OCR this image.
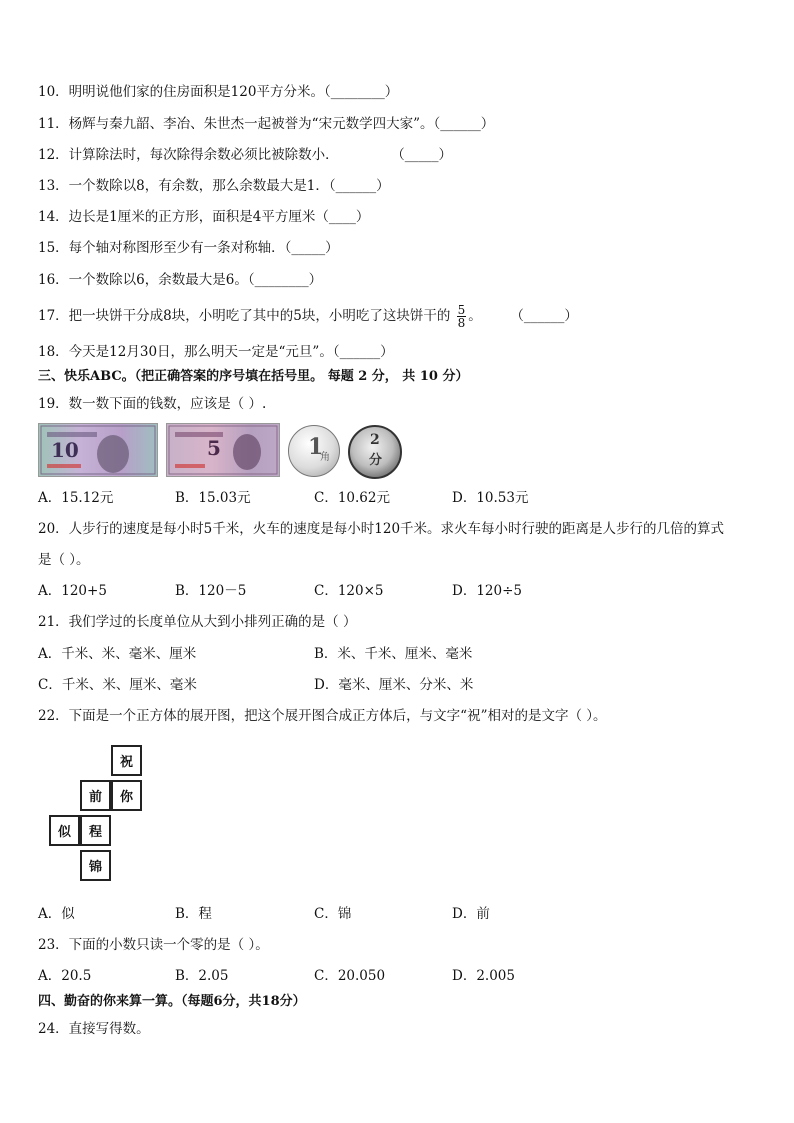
10．明明说他们家的住房面积是120平方分米。（________）
11．杨辉与秦九韶、李冶、朱世杰一起被誉为“宋元数学四大家”。（______）
12．计算除法时，每次除得余数必须比被除数小．	（_____）
13．一个数除以8，有余数，那么余数最大是1．（______）
14．边长是1厘米的正方形，面积是4平方厘米（____）
15．每个轴对称图形至少有一条对称轴．（_____）
16．一个数除以6，余数最大是6。（________）
17．把一块饼干分成8块，小明吃了其中的5块，小明吃了这块饼干的 $\frac{5}{8}$ 。 （______）
18．今天是12月30日，那么明天一定是“元旦”。（______）
三、快乐ABC。（把正确答案的序号填在括号里。 每题 2 分， 共 10 分）
19．数一数下面的钱数，应该是（ ）.
10	5	1
角
2
分
A．15.12元	B．15.03元	C．10.62元	D．10.53元
20．人步行的速度是每小时5千米，火车的速度是每小时120千米。求火车每小时行驶的距离是人步行的几倍的算式
是（ ）。
A．120+5	B．120－5	C．120×5	D．120÷5
21．我们学过的长度单位从大到小排列正确的是（ ）
A．千米、米、毫米、厘米	B．米、千米、厘米、毫米
C．千米、米、厘米、毫米	D．毫米、厘米、分米、米
22．下面是一个正方体的展开图，把这个展开图合成正方体后，与文字“祝”相对的是文字（ ）。
祝
前	你
似	程
锦
A．似	B．程	C．锦	D．前
23．下面的小数只读一个零的是（ ）。
A．20.5	B．2.05	C．20.050	D．2.005
四、勤奋的你来算一算。（每题6分，共18分）
24．直接写得数。
